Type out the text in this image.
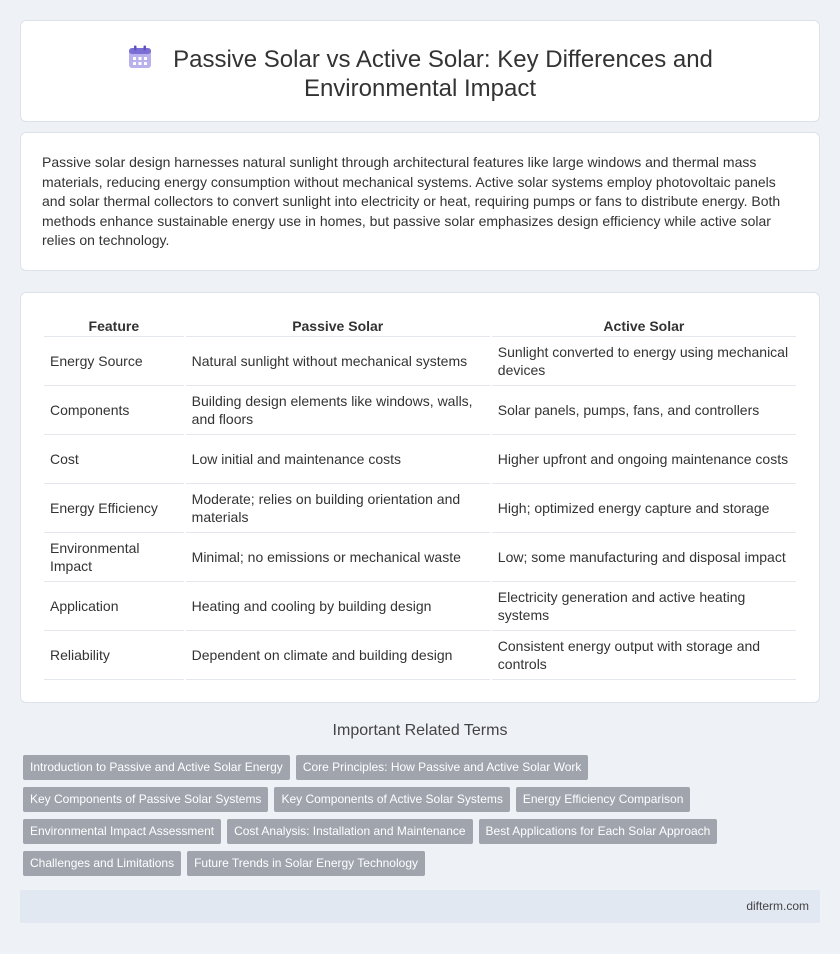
Passive Solar vs Active Solar: Key Differences and Environmental Impact

Passive solar design harnesses natural sunlight through architectural features like large windows and thermal mass materials, reducing energy consumption without mechanical systems. Active solar systems employ photovoltaic panels and solar thermal collectors to convert sunlight into electricity or heat, requiring pumps or fans to distribute energy. Both methods enhance sustainable energy use in homes, but passive solar emphasizes design efficiency while active solar relies on technology.

Feature	Passive Solar	Active Solar
Energy Source	Natural sunlight without mechanical systems	Sunlight converted to energy using mechanical devices
Components	Building design elements like windows, walls, and floors	Solar panels, pumps, fans, and controllers
Cost	Low initial and maintenance costs	Higher upfront and ongoing maintenance costs
Energy Efficiency	Moderate; relies on building orientation and materials	High; optimized energy capture and storage
Environmental Impact	Minimal; no emissions or mechanical waste	Low; some manufacturing and disposal impact
Application	Heating and cooling by building design	Electricity generation and active heating systems
Reliability	Dependent on climate and building design	Consistent energy output with storage and controls
Important Related Terms
Introduction to Passive and Active Solar Energy Core Principles: How Passive and Active Solar Work
Key Components of Passive Solar Systems Key Components of Active Solar Systems Energy Efficiency Comparison
Environmental Impact Assessment Cost Analysis: Installation and Maintenance Best Applications for Each Solar Approach
Challenges and Limitations Future Trends in Solar Energy Technology
difterm.com
